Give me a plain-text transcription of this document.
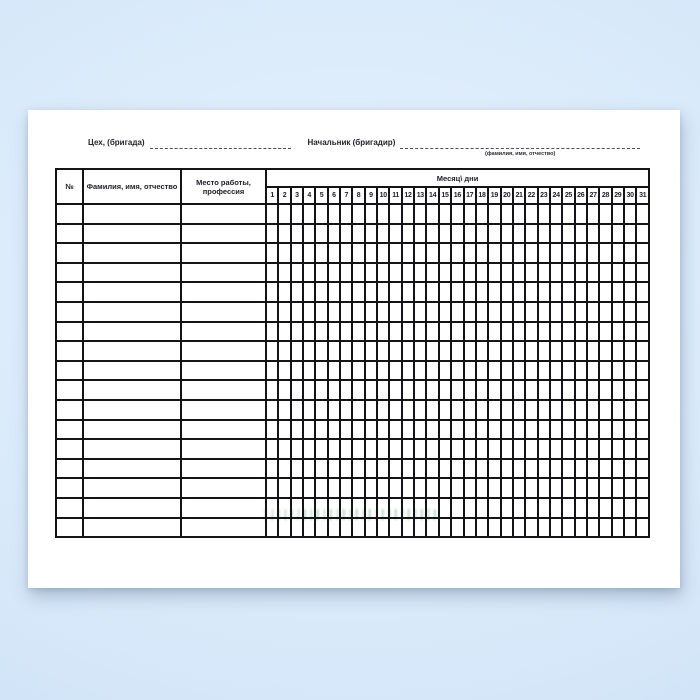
Цех, (бригада)	Начальник (бригадир)
(фамилия, имя, отчество)
№	Фамилия, имя, отчество	Место работы, профессия	Месяц\ дни																														
			1	2	3	4	5	6	7	8	9	10	11	12	13	14	15	16	17	18	19	20	21	22	23	24	25	26	27	28	29	30	31
